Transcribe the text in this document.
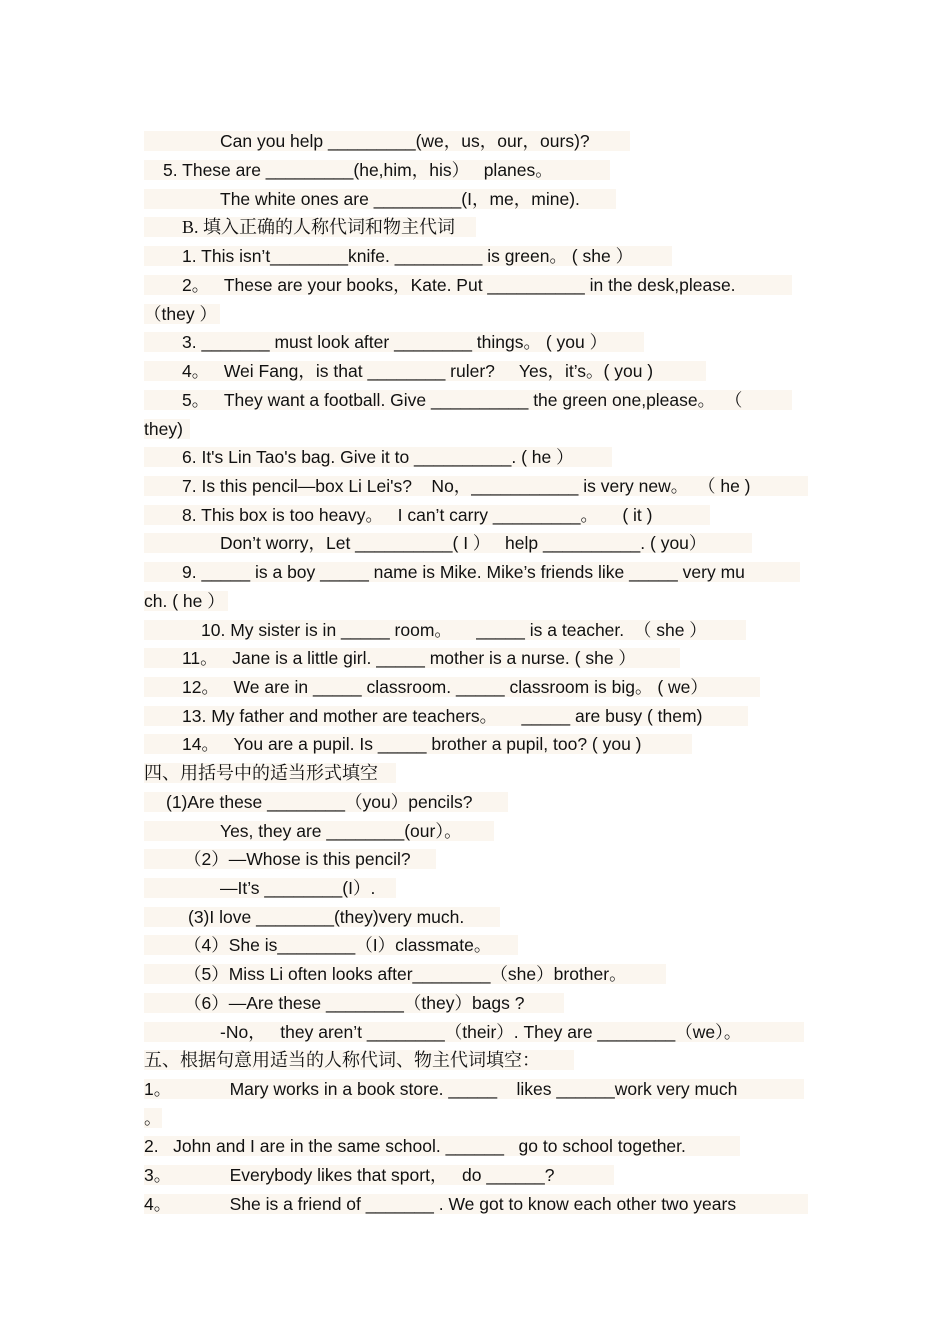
Can you help _________(we，us，our，ours)?
5. These are _________(he,him，his）   planes。
The white ones are _________(I，me，mine).
B. 填入正确的人称代词和物主代词
1. This isn’t________knife. _________ is green。 ( she ）
2。   These are your books，Kate. Put __________ in the desk,please.
（they ）
3. _______ must look after ________ things。 ( you ）
4。   Wei Fang，is that ________ ruler?     Yes，it’s。( you )
5。   They want a football. Give __________ the green one,please。  （
they)
6. It's Lin Tao's bag. Give it to __________. ( he ）
7. Is this pencil—box Li Lei's?    No，___________ is very new。  （ he )
8. This box is too heavy。   I can’t carry _________。     ( it )
Don’t worry，Let __________( I ）   help __________. ( you）
9. _____ is a boy _____ name is Mike. Mike’s friends like _____ very mu
ch. ( he ）
10. My sister is in _____ room。     _____ is a teacher.  （ she ）
11。   Jane is a little girl. _____ mother is a nurse. ( she ）
12。   We are in _____ classroom. _____ classroom is big。 ( we）
13. My father and mother are teachers。     _____ are busy ( them)
14。   You are a pupil. Is _____ brother a pupil, too? ( you )
四、用括号中的适当形式填空
(1)Are these ________（you）pencils?
Yes, they are ________(our）。
（2）—Whose is this pencil?
—It’s ________(I）.
(3)I love ________(they)very much.
（4）She is________（I）classmate。
（5）Miss Li often looks after________（she）brother。
（6）—Are these ________（they）bags ?
-No，   they aren’t ________（their）. They are ________（we）。
五、根据句意用适当的人称代词、物主代词填空：
1。            Mary works in a book store. _____    likes ______work very much
。
2.   John and I are in the same school. ______   go to school together.
3。            Everybody likes that sport，   do ______?
4。            She is a friend of _______ . We got to know each other two years
